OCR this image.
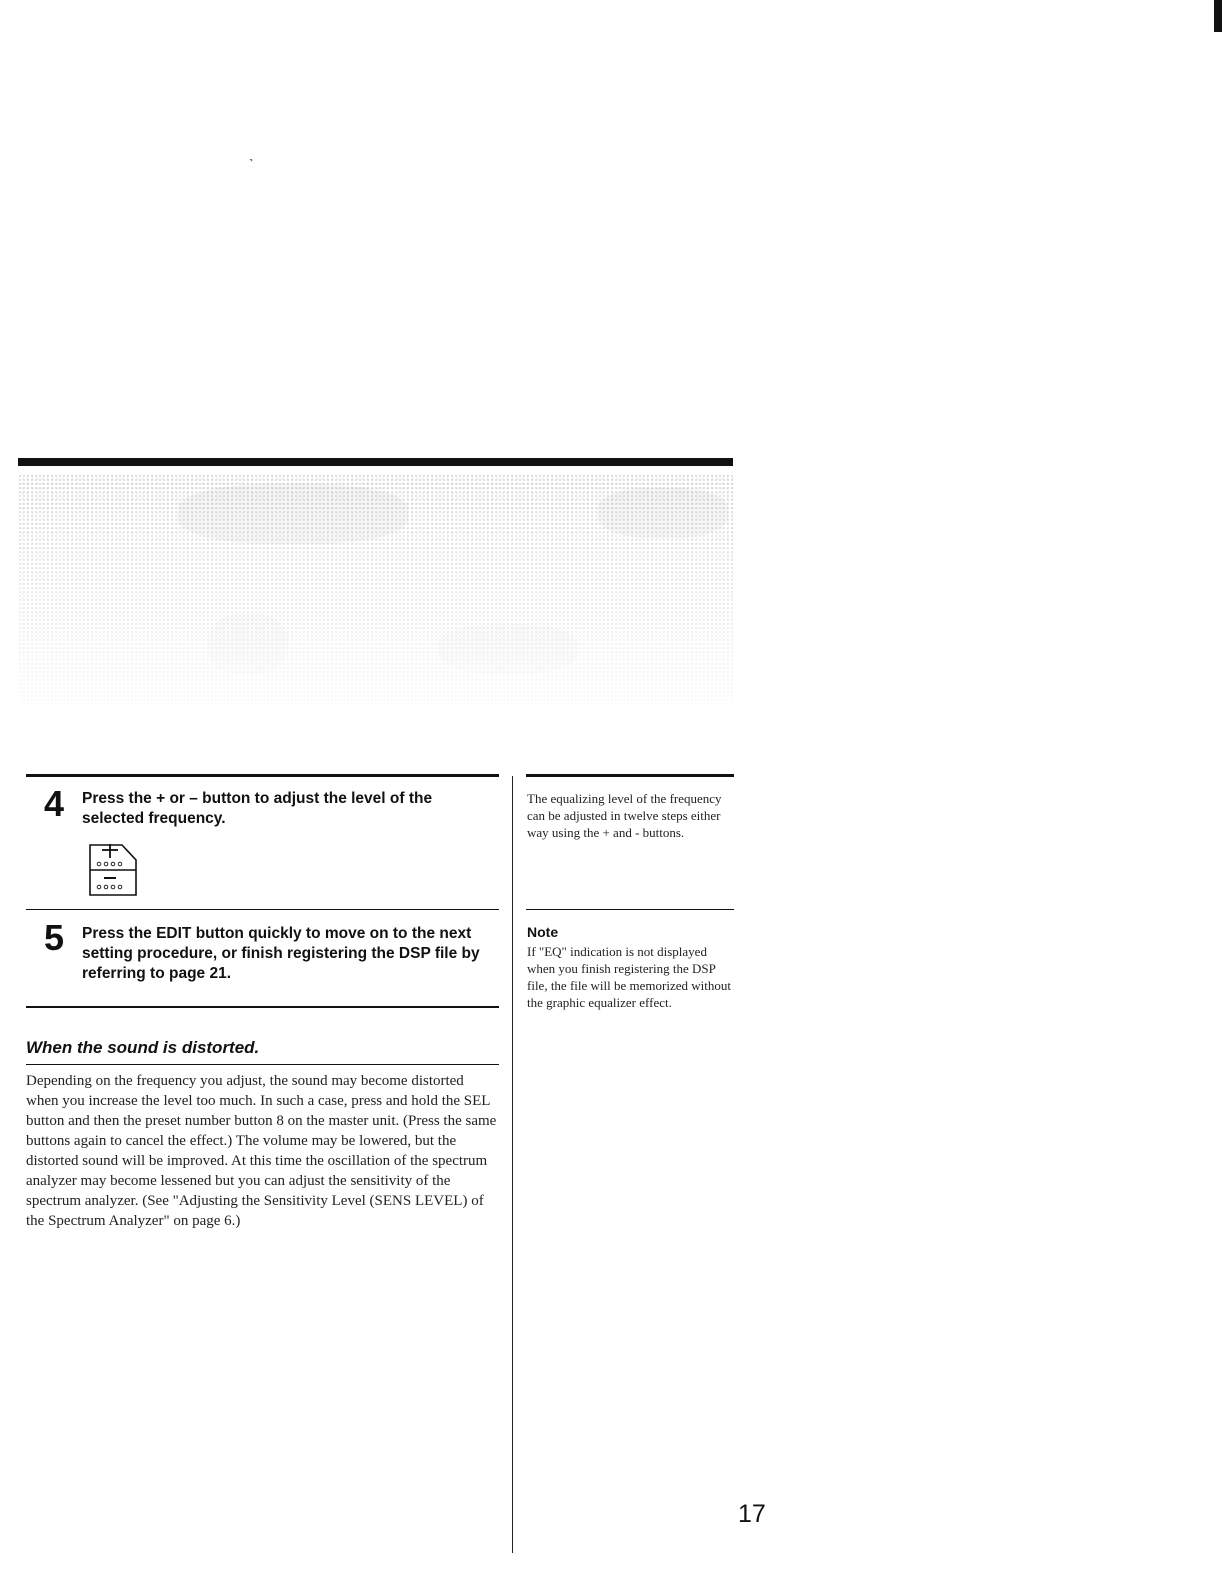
˺
4 Press the + or – button to adjust the level of the selected frequency.
The equalizing level of the frequency can be adjusted in twelve steps either way using the + and - buttons.
5 Press the EDIT button quickly to move on to the next setting procedure, or finish registering the DSP file by referring to page 21.
Note
If "EQ" indication is not displayed when you finish registering the DSP file, the file will be memorized without the graphic equalizer effect.
When the sound is distorted.
Depending on the frequency you adjust, the sound may become distorted when you increase the level too much. In such a case, press and hold the SEL button and then the preset number button 8 on the master unit. (Press the same buttons again to cancel the effect.) The volume may be lowered, but the distorted sound will be improved. At this time the oscillation of the spectrum analyzer may become lessened but you can adjust the sensitivity of the spectrum analyzer. (See "Adjusting the Sensitivity Level (SENS LEVEL) of the Spectrum Analyzer" on page 6.)
17
